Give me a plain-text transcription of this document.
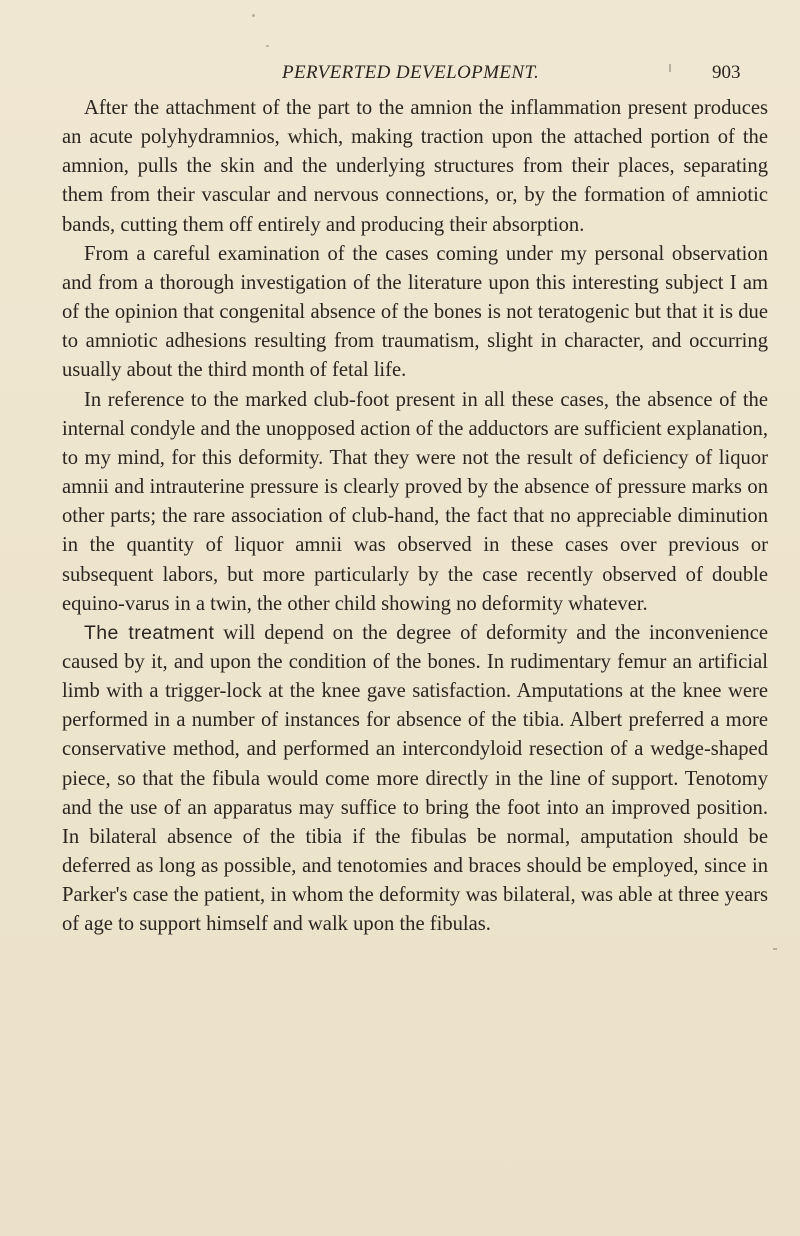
PERVERTED DEVELOPMENT.	903

After the attachment of the part to the amnion the inflammation present produces an acute polyhydramnios, which, making traction upon the attached portion of the amnion, pulls the skin and the underlying structures from their places, separating them from their vascular and nervous connections, or, by the formation of amniotic bands, cutting them off entirely and producing their absorption.

From a careful examination of the cases coming under my personal observation and from a thorough investigation of the literature upon this interesting subject I am of the opinion that congenital absence of the bones is not teratogenic but that it is due to amniotic adhesions resulting from traumatism, slight in character, and occurring usually about the third month of fetal life.

In reference to the marked club-foot present in all these cases, the absence of the internal condyle and the unopposed action of the adductors are sufficient explanation, to my mind, for this deformity. That they were not the result of deficiency of liquor amnii and intrauterine pressure is clearly proved by the absence of pressure marks on other parts; the rare association of club-hand, the fact that no appreciable diminution in the quantity of liquor amnii was observed in these cases over previous or subsequent labors, but more particularly by the case recently observed of double equino-varus in a twin, the other child showing no deformity whatever.

The treatment will depend on the degree of deformity and the inconvenience caused by it, and upon the condition of the bones. In rudimentary femur an artificial limb with a trigger-lock at the knee gave satisfaction. Amputations at the knee were performed in a number of instances for absence of the tibia. Albert preferred a more conservative method, and performed an intercondyloid resection of a wedge-shaped piece, so that the fibula would come more directly in the line of support. Tenotomy and the use of an apparatus may suffice to bring the foot into an improved position. In bilateral absence of the tibia if the fibulas be normal, amputation should be deferred as long as possible, and tenotomies and braces should be employed, since in Parker's case the patient, in whom the deformity was bilateral, was able at three years of age to support himself and walk upon the fibulas.
